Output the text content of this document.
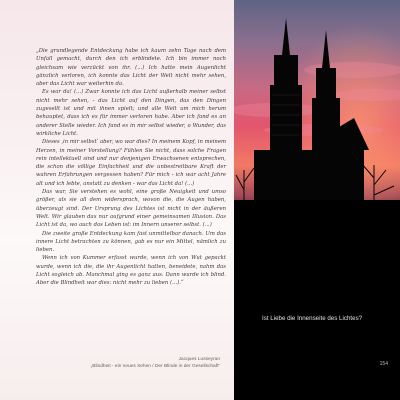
„Die grundlegende Entdeckung habe ich kaum zehn Tage nach dem Unfall gemacht, durch den ich erblindete. Ich bin immer noch gleichsam wie verzückt von ihr. (...) Ich hatte mein Augenlicht gänzlich verloren, ich konnte das Licht der Welt nicht mehr sehen, aber das Licht war weiterhin da.

Es war da! (...) Zwar konnte ich das Licht außerhalb meiner selbst nicht mehr sehen, - das Licht auf den Dingen, das den Dingen zugesellt ist und mit ihnen spielt; und alle Welt um mich herum behauptet, dass ich es für immer verloren habe. Aber ich fand es an anderer Stelle wieder. Ich fand es in mir selbst wieder, o Wunder, das wirkliche Licht.

Dieses ‚in mir selbst‘ aber, wo war dies? In meinem Kopf, in meinem Herzen, in meiner Vorstellung? Fühlen Sie nicht, dass solche Fragen rein intellektuell sind und nur denjenigen Erwachsenen entsprechen, die schon die völlige Einfachheit und die unbestreitbare Kraft der wahren Erfahrungen vergessen haben? Für mich - ich war acht Jahre alt und ich lebte, anstatt zu denken - war das Licht da! (...)

Das war, Sie verstehen es wohl, eine große Neuigkeit und umso größer, als sie all dem widersprach, wovon die, die Augen haben, überzeugt sind. Der Ursprung des Lichtes ist nicht in der äußeren Welt. Wir glauben das nur aufgrund einer gemeinsamen Illusion. Das Licht ist da, wo auch das Leben ist: im Innern unserer selbst. (...)

Die zweite große Entdeckung kam fast unmittelbar danach. Um das innere Licht betrachten zu können, gab es nur ein Mittel, nämlich zu lieben.

Wenn ich von Kummer erfasst wurde, wenn ich von Wut gepackt wurde, wenn ich die, die ihr Augenlicht hatten, beneidete, nahm das Licht sogleich ab. Manchmal ging es ganz aus. Dann wurde ich blind. Aber die Blindheit war dies: nicht mehr zu lieben (...).“

Jacques Lusseyran
„Blindheit - ein neues Sehen / Der Blinde in der Gesellschaft“
Ist Liebe die Innenseite des Lichtes?
154
